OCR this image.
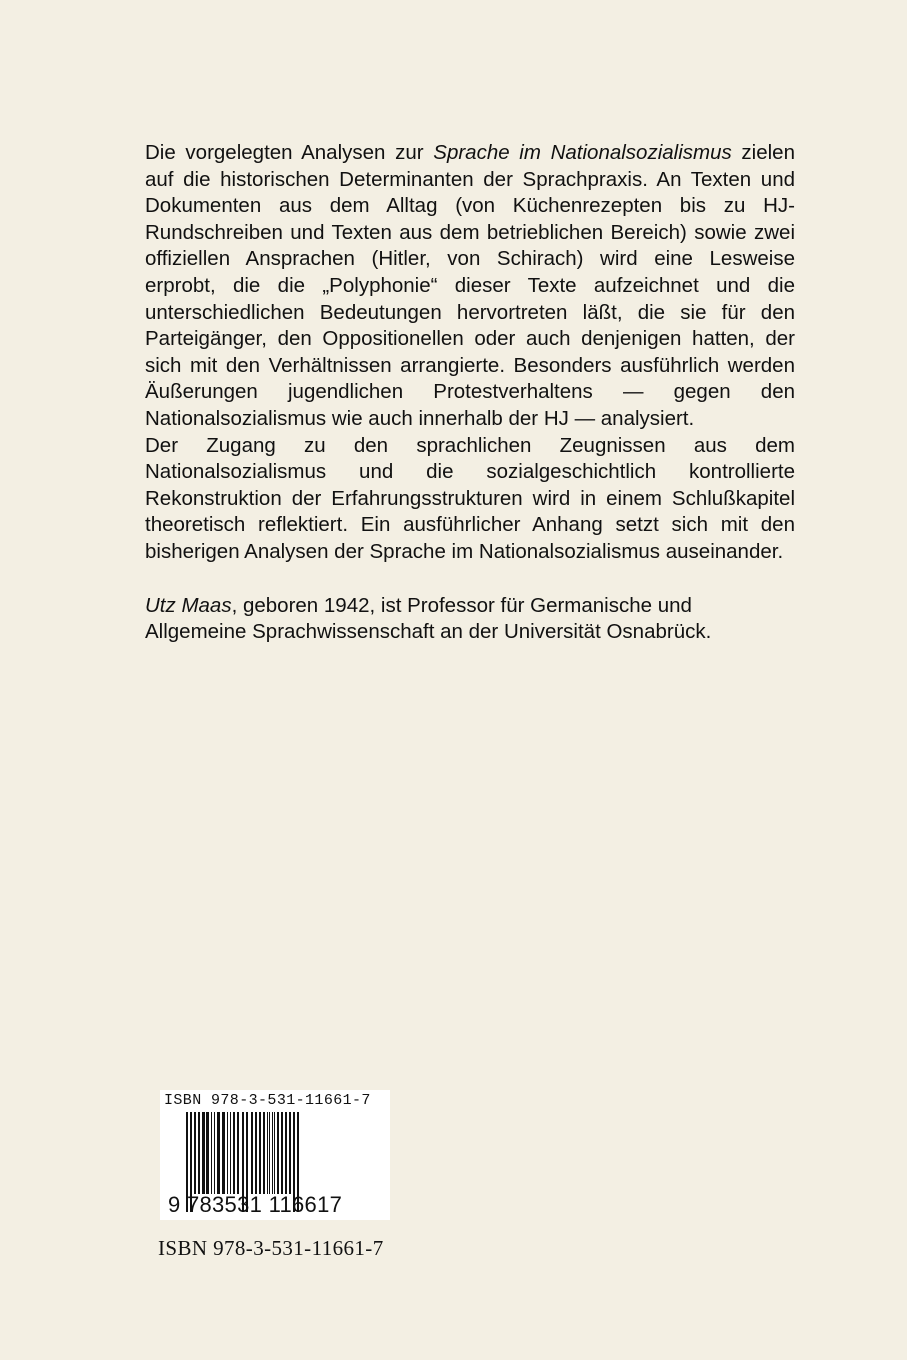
Die vorgelegten Analysen zur Sprache im Nationalsozialismus zielen auf die historischen Determinanten der Sprachpraxis. An Texten und Dokumenten aus dem Alltag (von Küchenrezepten bis zu HJ-Rundschreiben und Texten aus dem betrieblichen Bereich) sowie zwei offiziellen Ansprachen (Hitler, von Schirach) wird eine Lesweise erprobt, die die „Polyphonie“ dieser Texte aufzeichnet und die unterschiedlichen Bedeutungen hervortreten läßt, die sie für den Parteigänger, den Oppositionellen oder auch denjenigen hatten, der sich mit den Verhältnissen arrangierte. Besonders ausführlich werden Äußerungen jugendlichen Protestverhaltens — gegen den Nationalsozialismus wie auch innerhalb der HJ — analysiert.

Der Zugang zu den sprachlichen Zeugnissen aus dem Nationalsozialismus und die sozialgeschichtlich kontrollierte Rekonstruktion der Erfahrungsstrukturen wird in einem Schlußkapitel theoretisch reflektiert. Ein ausführlicher Anhang setzt sich mit den bisherigen Analysen der Sprache im Nationalsozialismus auseinander.

Utz Maas, geboren 1942, ist Professor für Germanische und Allgemeine Sprachwissenschaft an der Universität Osnabrück.

ISBN 978-3-531-11661-7
9 783531 116617
ISBN 978-3-531-11661-7
